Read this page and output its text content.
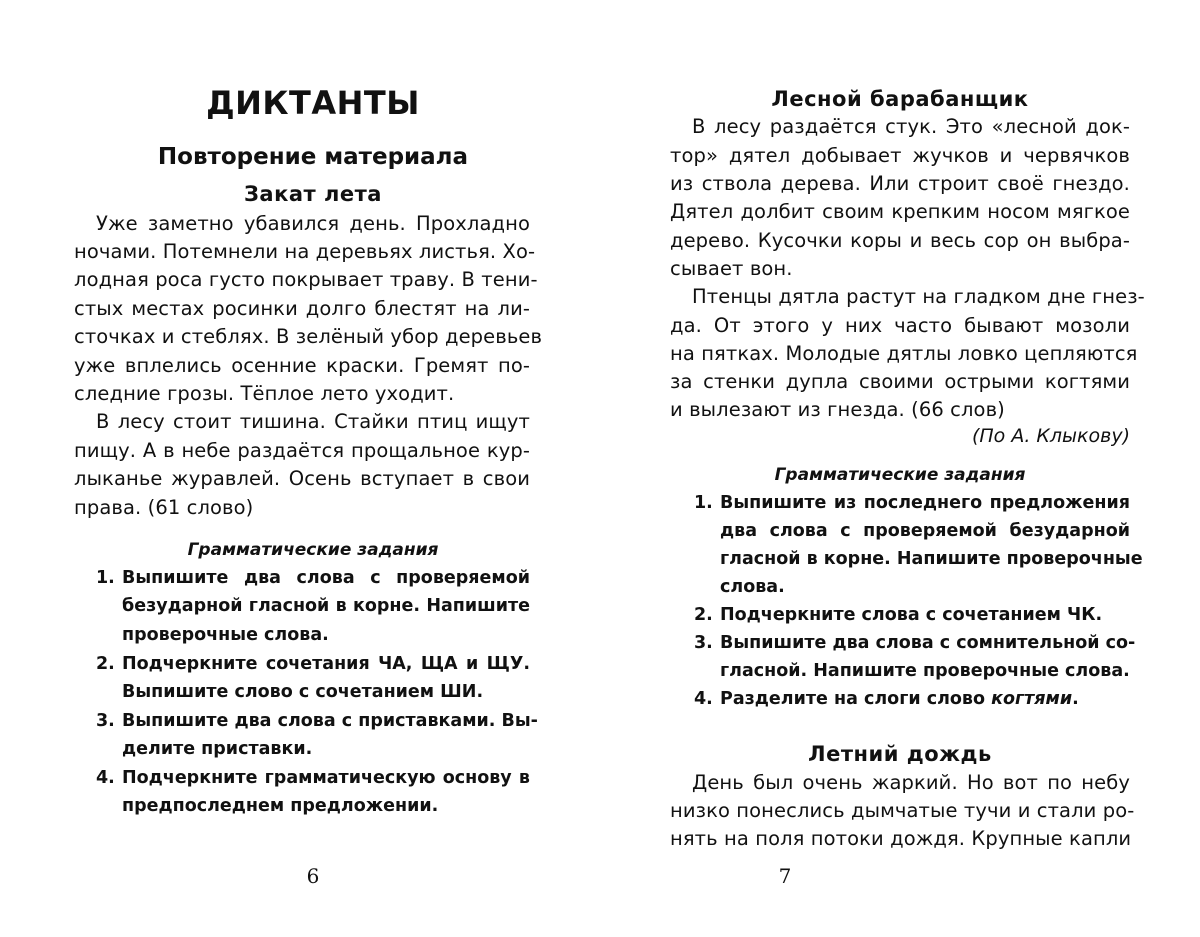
ДИКТАНТЫ
Повторение материала
Закат лета
Уже заметно убавился день. Прохладно
ночами. Потемнели на деревьях листья. Хо-
лодная роса густо покрывает траву. В тени-
стых местах росинки долго блестят на ли-
сточках и стеблях. В зелёный убор деревьев
уже вплелись осенние краски. Гремят по-
следние грозы. Тёплое лето уходит.
В лесу стоит тишина. Стайки птиц ищут
пищу. А в небе раздаётся прощальное кур-
лыканье журавлей. Осень вступает в свои
права. (61 слово)
Грамматические задания
1. Выпишите два слова с проверяемой
безударной гласной в корне. Напишите
проверочные слова.
2. Подчеркните сочетания ЧА, ЩА и ЩУ.
Выпишите слово с сочетанием ШИ.
3. Выпишите два слова с приставками. Вы-
делите приставки.
4. Подчеркните грамматическую основу в
предпоследнем предложении.
6
Лесной барабанщик
В лесу раздаётся стук. Это «лесной док-
тор» дятел добывает жучков и червячков
из ствола дерева. Или строит своё гнездо.
Дятел долбит своим крепким носом мягкое
дерево. Кусочки коры и весь сор он выбра-
сывает вон.
Птенцы дятла растут на гладком дне гнез-
да. От этого у них часто бывают мозоли
на пятках. Молодые дятлы ловко цепляются
за стенки дупла своими острыми когтями
и вылезают из гнезда. (66 слов)
(По А. Клыкову)
Грамматические задания
1. Выпишите из последнего предложения
два слова с проверяемой безударной
гласной в корне. Напишите проверочные
слова.
2. Подчеркните слова с сочетанием ЧК.
3. Выпишите два слова с сомнительной со-
гласной. Напишите проверочные слова.
4. Разделите на слоги слово когтями.
Летний дождь
День был очень жаркий. Но вот по небу
низко понеслись дымчатые тучи и стали ро-
нять на поля потоки дождя. Крупные капли
7
